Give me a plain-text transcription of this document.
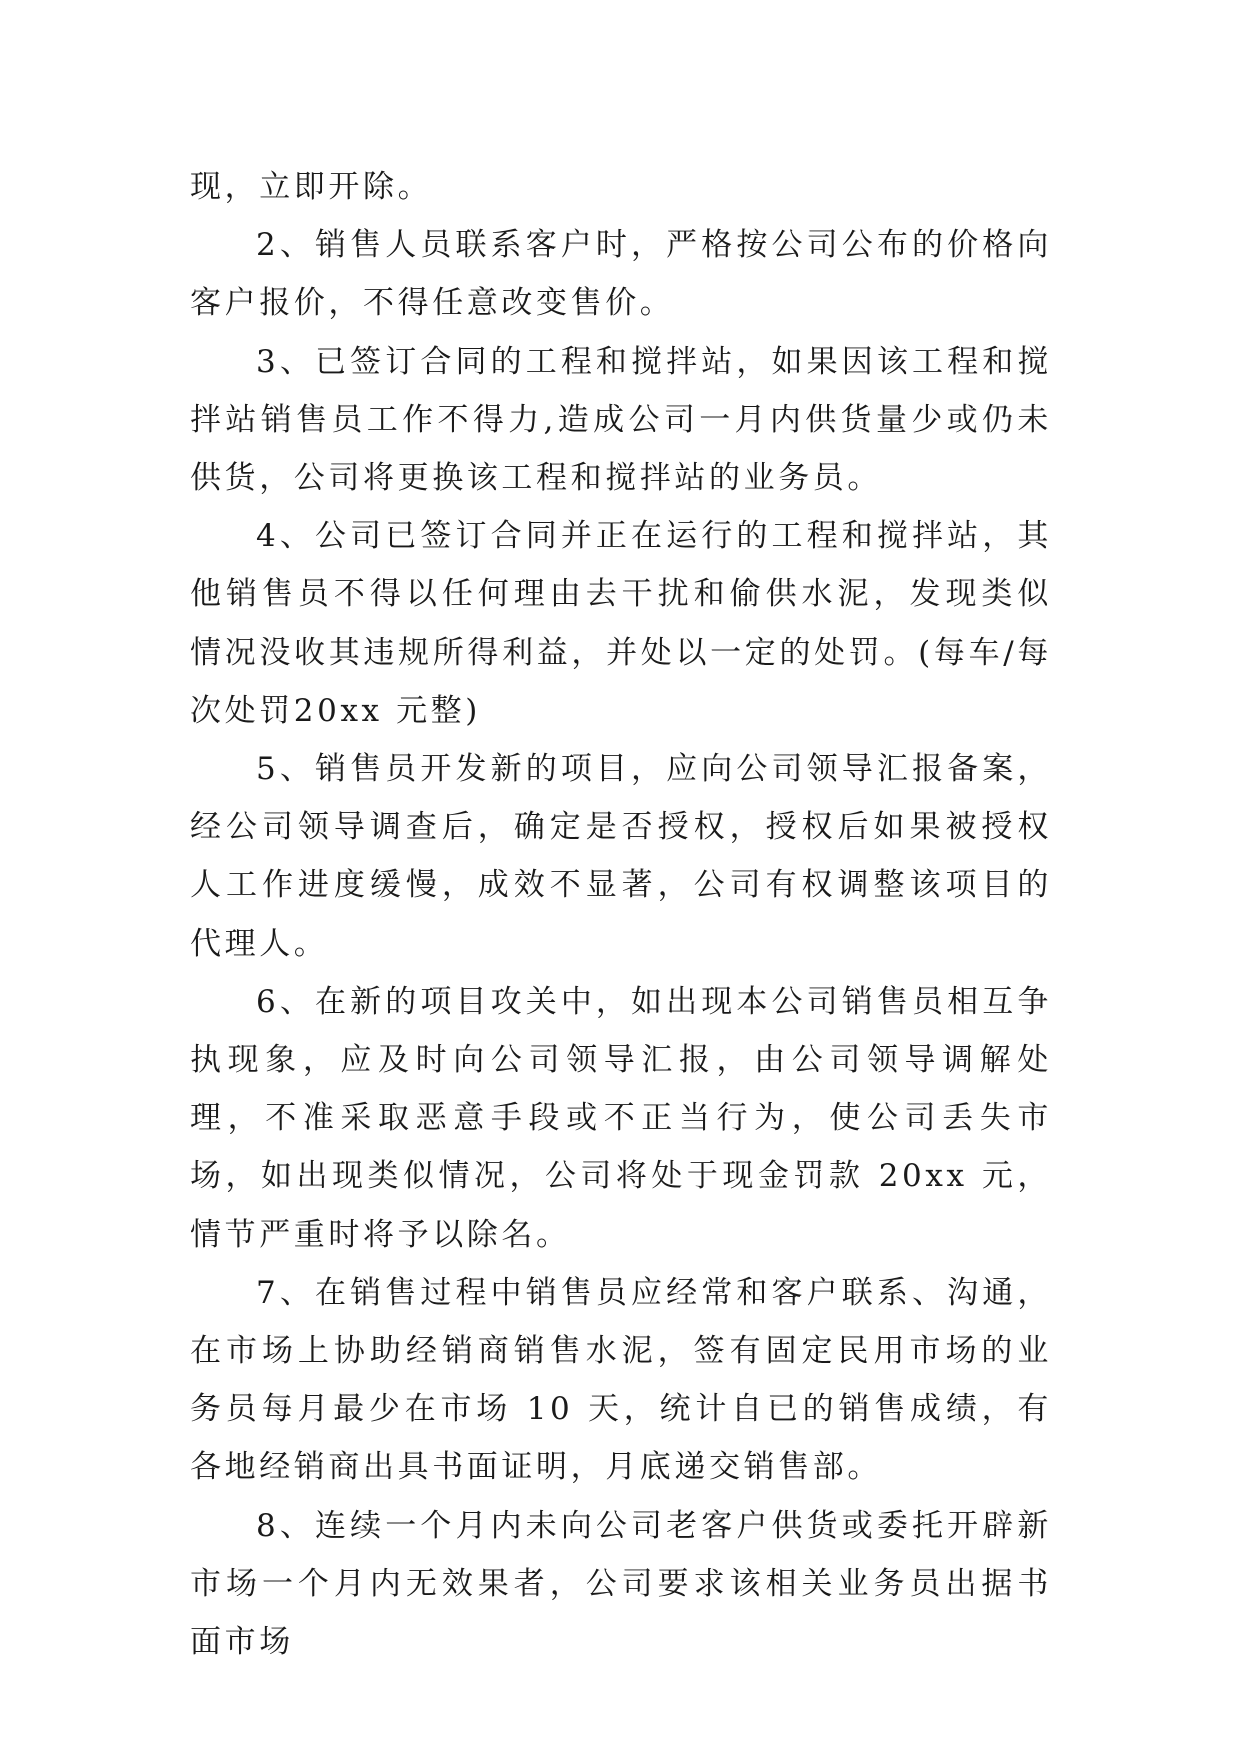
现，立即开除。

2、销售人员联系客户时，严格按公司公布的价格向客户报价，不得任意改变售价。

3、已签订合同的工程和搅拌站，如果因该工程和搅拌站销售员工作不得力,造成公司一月内供货量少或仍未供货，公司将更换该工程和搅拌站的业务员。

4、公司已签订合同并正在运行的工程和搅拌站，其他销售员不得以任何理由去干扰和偷供水泥，发现类似情况没收其违规所得利益，并处以一定的处罚。(每车/每次处罚20xx 元整)

5、销售员开发新的项目，应向公司领导汇报备案，经公司领导调查后，确定是否授权，授权后如果被授权人工作进度缓慢，成效不显著，公司有权调整该项目的代理人。

6、在新的项目攻关中，如出现本公司销售员相互争执现象，应及时向公司领导汇报，由公司领导调解处理，不准采取恶意手段或不正当行为，使公司丢失市场，如出现类似情况，公司将处于现金罚款 20xx 元，情节严重时将予以除名。

7、在销售过程中销售员应经常和客户联系、沟通，在市场上协助经销商销售水泥，签有固定民用市场的业务员每月最少在市场 10 天，统计自已的销售成绩，有各地经销商出具书面证明，月底递交销售部。

8、连续一个月内未向公司老客户供货或委托开辟新市场一个月内无效果者，公司要求该相关业务员出据书面市场
